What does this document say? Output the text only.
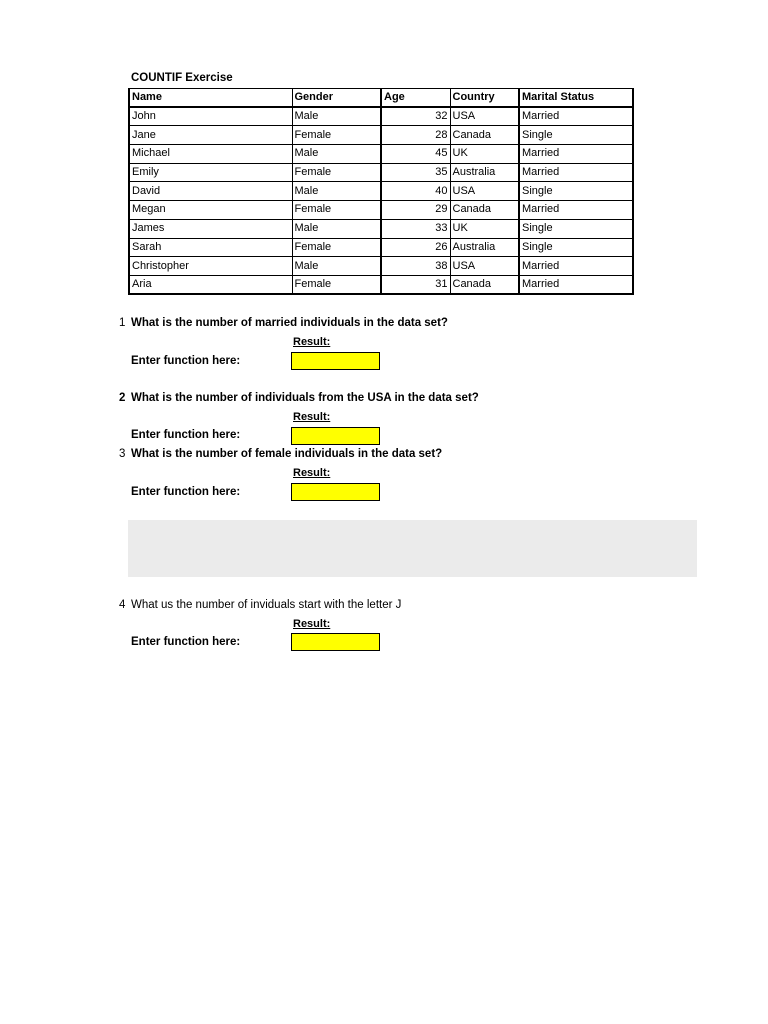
COUNTIF Exercise
Name	Gender	Age	Country	Marital Status
John	Male	32	USA	Married
Jane	Female	28	Canada	Single
Michael	Male	45	UK	Married
Emily	Female	35	Australia	Married
David	Male	40	USA	Single
Megan	Female	29	Canada	Married
James	Male	33	UK	Single
Sarah	Female	26	Australia	Single
Christopher	Male	38	USA	Married
Aria	Female	31	Canada	Married
1 What is the number of married individuals in the data set?
Result:
Enter function here:
2 What is the number of individuals from the USA in the data set?
Result:
Enter function here:
3 What is the number of female individuals in the data set?
Result:
Enter function here:
4 What us the number of inviduals start with the letter J
Result:
Enter function here:
